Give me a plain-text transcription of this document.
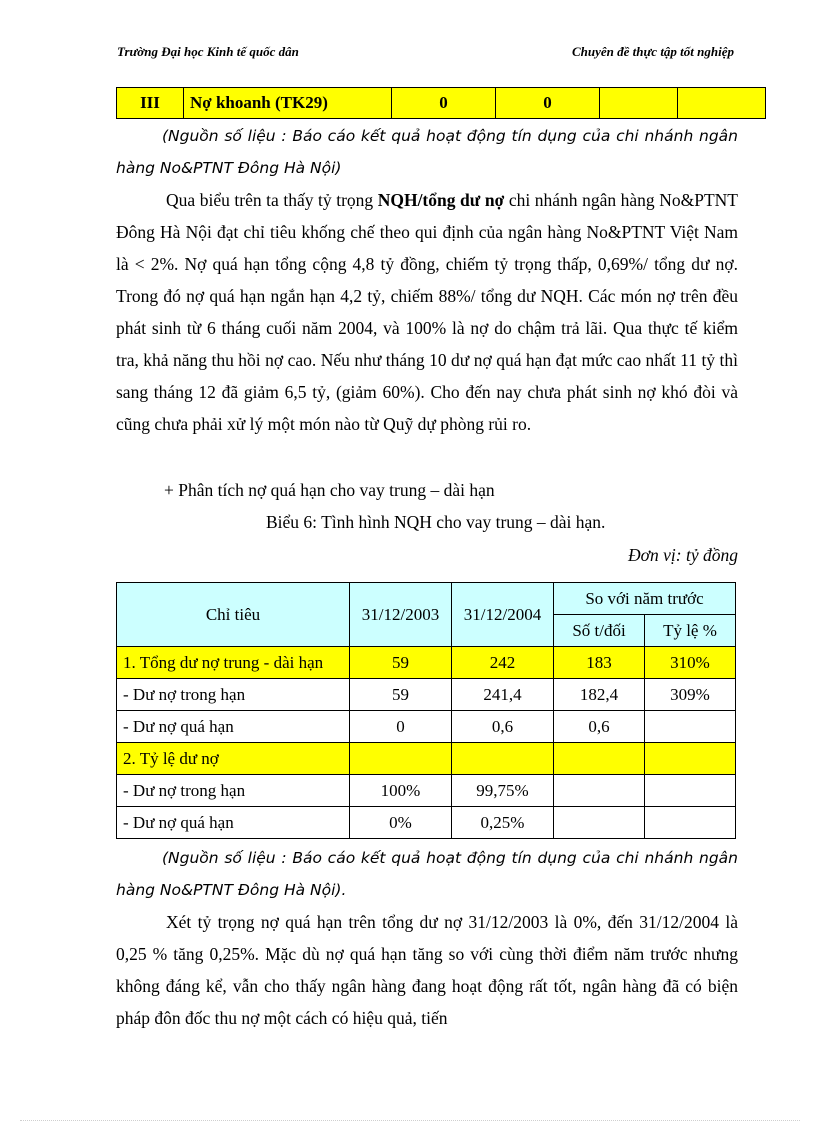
Trường Đại học Kinh tế quốc dân	Chuyên đề thực tập tốt nghiệp
III	Nợ khoanh (TK29)	0	0		

(Nguồn số liệu : Báo cáo kết quả hoạt động tín dụng của chi nhánh ngân hàng No&PTNT Đông Hà Nội)

Qua biểu trên ta thấy tỷ trọng NQH/tổng dư nợ chi nhánh ngân hàng No&PTNT Đông Hà Nội đạt chỉ tiêu khống chế theo qui định của ngân hàng No&PTNT Việt Nam là < 2%. Nợ quá hạn tổng cộng 4,8 tỷ đồng, chiếm tỷ trọng thấp, 0,69%/ tổng dư nợ. Trong đó nợ quá hạn ngắn hạn 4,2 tỷ, chiếm 88%/ tổng dư NQH. Các món nợ trên đều phát sinh từ 6 tháng cuối năm 2004, và 100% là nợ do chậm trả lãi. Qua thực tế kiểm tra, khả năng thu hồi nợ cao. Nếu như tháng 10 dư nợ quá hạn đạt mức cao nhất 11 tỷ thì sang tháng 12 đã giảm 6,5 tỷ, (giảm 60%). Cho đến nay chưa phát sinh nợ khó đòi và cũng chưa phải xử lý một món nào từ Quỹ dự phòng rủi ro.

+ Phân tích nợ quá hạn cho vay trung – dài hạn
Biểu 6: Tình hình NQH cho vay trung – dài hạn.
Đơn vị: tỷ đồng
Chỉ tiêu	31/12/2003	31/12/2004	So với năm trước	
			Số t/đối	Tỷ lệ %
1. Tổng dư nợ trung - dài hạn	59	242	183	310%
- Dư nợ trong hạn	59	241,4	182,4	309%
- Dư nợ quá hạn	0	0,6	0,6	
2. Tỷ lệ dư nợ				
- Dư nợ trong hạn	100%	99,75%		
- Dư nợ quá hạn	0%	0,25%		

(Nguồn số liệu : Báo cáo kết quả hoạt động tín dụng của chi nhánh ngân hàng No&PTNT Đông Hà Nội).

Xét tỷ trọng nợ quá hạn trên tổng dư nợ 31/12/2003 là 0%, đến 31/12/2004 là 0,25 % tăng 0,25%. Mặc dù nợ quá hạn tăng so với cùng thời điểm năm trước nhưng không đáng kể, vẫn cho thấy ngân hàng đang hoạt động rất tốt, ngân hàng đã có biện pháp đôn đốc thu nợ một cách có hiệu quả, tiến
